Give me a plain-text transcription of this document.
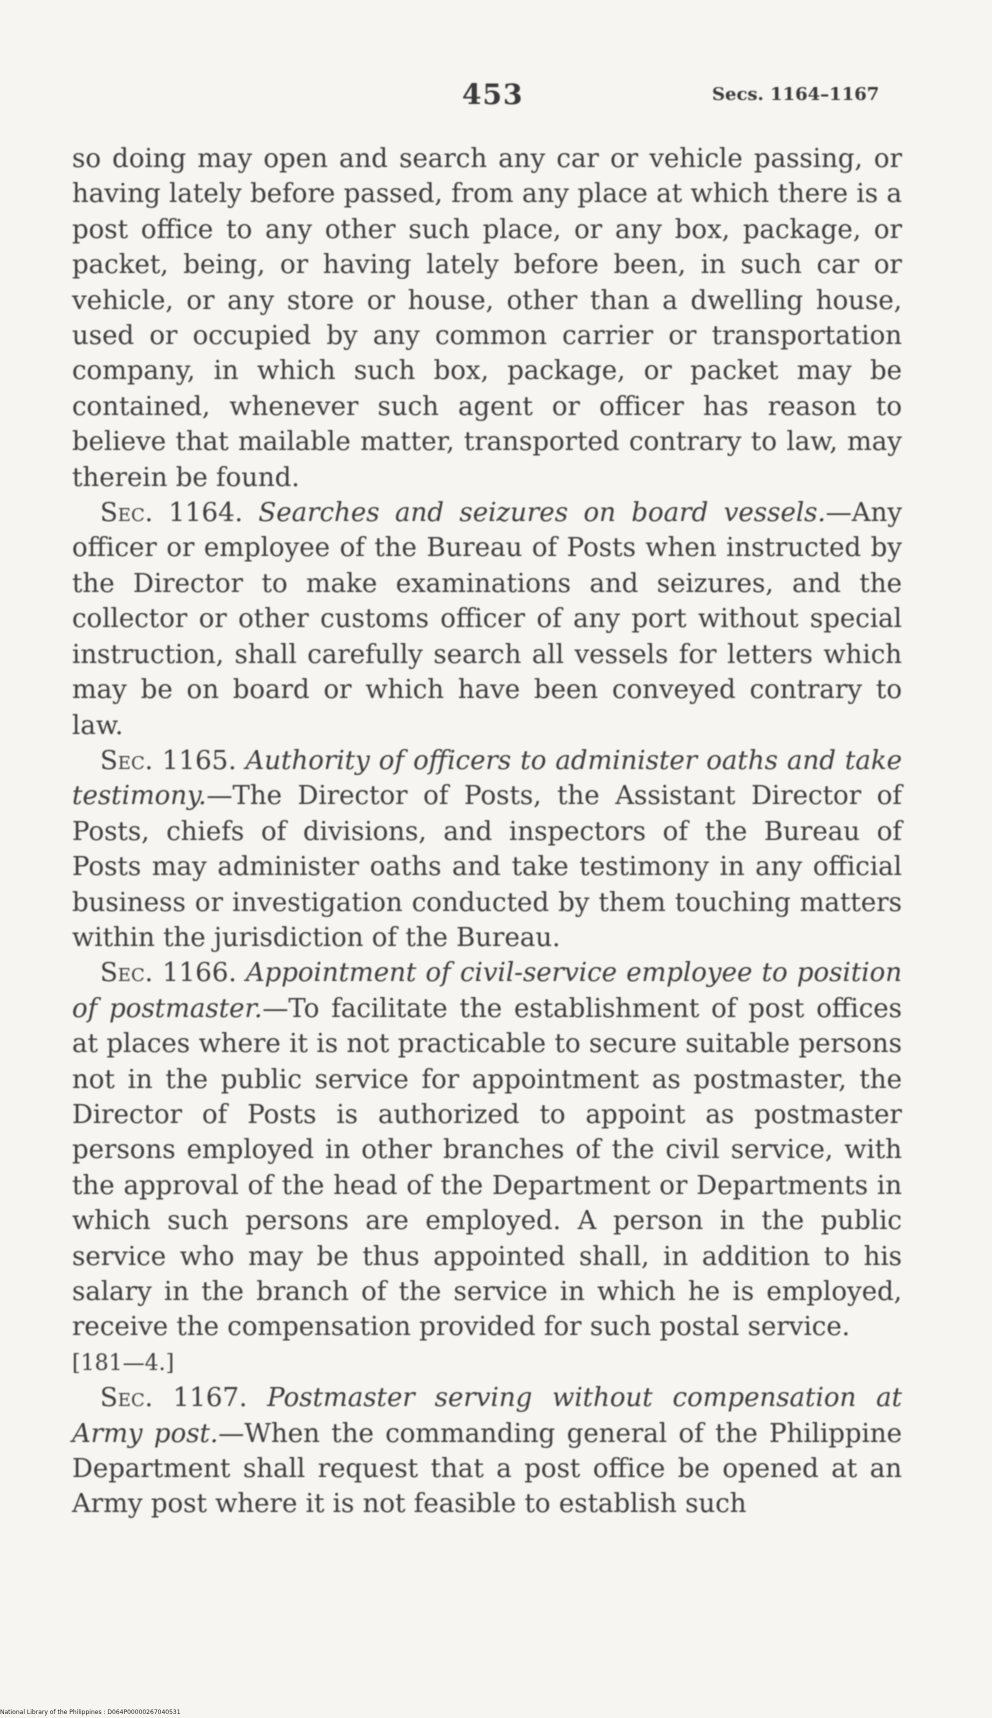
453	Secs. 1164–1167

so doing may open and search any car or vehicle passing, or having lately before passed, from any place at which there is a post office to any other such place, or any box, package, or packet, being, or having lately before been, in such car or vehicle, or any store or house, other than a dwelling house, used or occupied by any common carrier or transportation company, in which such box, package, or packet may be contained, whenever such agent or officer has reason to believe that mailable matter, transported contrary to law, may therein be found.

Sec. 1164. Searches and seizures on board vessels.—Any officer or employee of the Bureau of Posts when instructed by the Director to make examinations and seizures, and the collector or other customs officer of any port without special instruction, shall carefully search all vessels for letters which may be on board or which have been conveyed contrary to law.

Sec. 1165. Authority of officers to administer oaths and take testimony.—The Director of Posts, the Assistant Director of Posts, chiefs of divisions, and inspectors of the Bureau of Posts may administer oaths and take testimony in any official business or investigation conducted by them touching matters within the jurisdiction of the Bureau.

Sec. 1166. Appointment of civil-service employee to position of postmaster.—To facilitate the establishment of post offices at places where it is not practicable to secure suitable persons not in the public service for appointment as postmaster, the Director of Posts is authorized to appoint as postmaster persons employed in other branches of the civil service, with the approval of the head of the Department or Departments in which such persons are employed. A person in the public service who may be thus appointed shall, in addition to his salary in the branch of the service in which he is employed, receive the compensation provided for such postal service.

[181—4.]

Sec. 1167. Postmaster serving without compensation at Army post.—When the commanding general of the Philippine Department shall request that a post office be opened at an Army post where it is not feasible to establish such

National Library of the Philippines : D064P00000267040531
